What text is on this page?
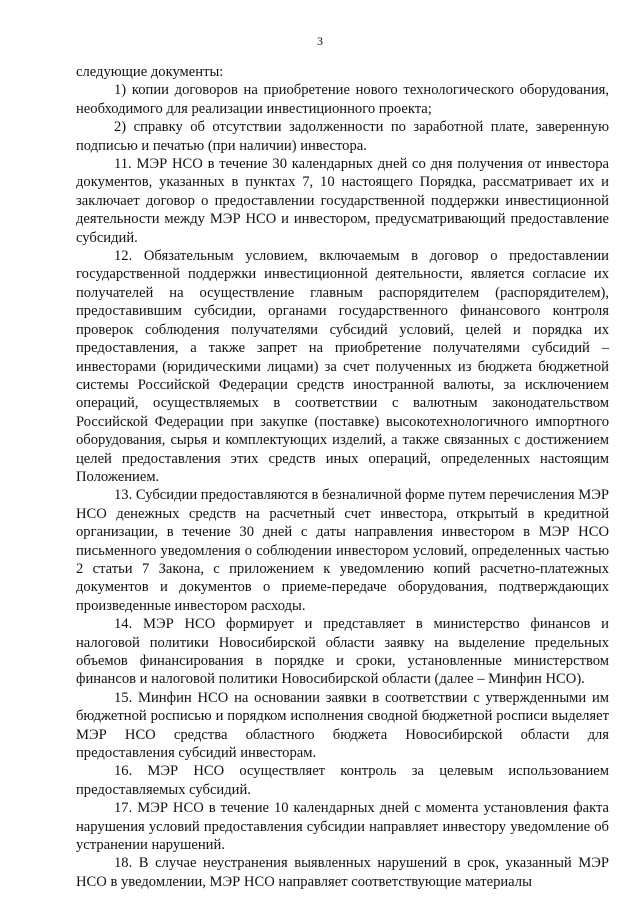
3

следующие документы:

1) копии договоров на приобретение нового технологического оборудования, необходимого для реализации инвестиционного проекта;

2) справку об отсутствии задолженности по заработной плате, заверенную подписью и печатью (при наличии) инвестора.

11. МЭР НСО в течение 30 календарных дней со дня получения от инвестора документов, указанных в пунктах 7, 10 настоящего Порядка, рассматривает их и заключает договор о предоставлении государственной поддержки инвестиционной деятельности между МЭР НСО и инвестором, предусматривающий предоставление субсидий.

12. Обязательным условием, включаемым в договор о предоставлении государственной поддержки инвестиционной деятельности, является согласие их получателей на осуществление главным распорядителем (распорядителем), предоставившим субсидии, органами государственного финансового контроля проверок соблюдения получателями субсидий условий, целей и порядка их предоставления, а также запрет на приобретение получателями субсидий – инвесторами (юридическими лицами) за счет полученных из бюджета бюджетной системы Российской Федерации средств иностранной валюты, за исключением операций, осуществляемых в соответствии с валютным законодательством Российской Федерации при закупке (поставке) высокотехнологичного импортного оборудования, сырья и комплектующих изделий, а также связанных с достижением целей предоставления этих средств иных операций, определенных настоящим Положением.

13. Субсидии предоставляются в безналичной форме путем перечисления МЭР НСО денежных средств на расчетный счет инвестора, открытый в кредитной организации, в течение 30 дней с даты направления инвестором в МЭР НСО письменного уведомления о соблюдении инвестором условий, определенных частью 2 статьи 7 Закона, с приложением к уведомлению копий расчетно-платежных документов и документов о приеме-передаче оборудования, подтверждающих произведенные инвестором расходы.

14. МЭР НСО формирует и представляет в министерство финансов и налоговой политики Новосибирской области заявку на выделение предельных объемов финансирования в порядке и сроки, установленные министерством финансов и налоговой политики Новосибирской области (далее – Минфин НСО).

15. Минфин НСО на основании заявки в соответствии с утвержденными им бюджетной росписью и порядком исполнения сводной бюджетной росписи выделяет МЭР НСО средства областного бюджета Новосибирской области для предоставления субсидий инвесторам.

16. МЭР НСО осуществляет контроль за целевым использованием предоставляемых субсидий.

17. МЭР НСО в течение 10 календарных дней с момента установления факта нарушения условий предоставления субсидии направляет инвестору уведомление об устранении нарушений.

18. В случае неустранения выявленных нарушений в срок, указанный МЭР НСО в уведомлении, МЭР НСО направляет соответствующие материалы
